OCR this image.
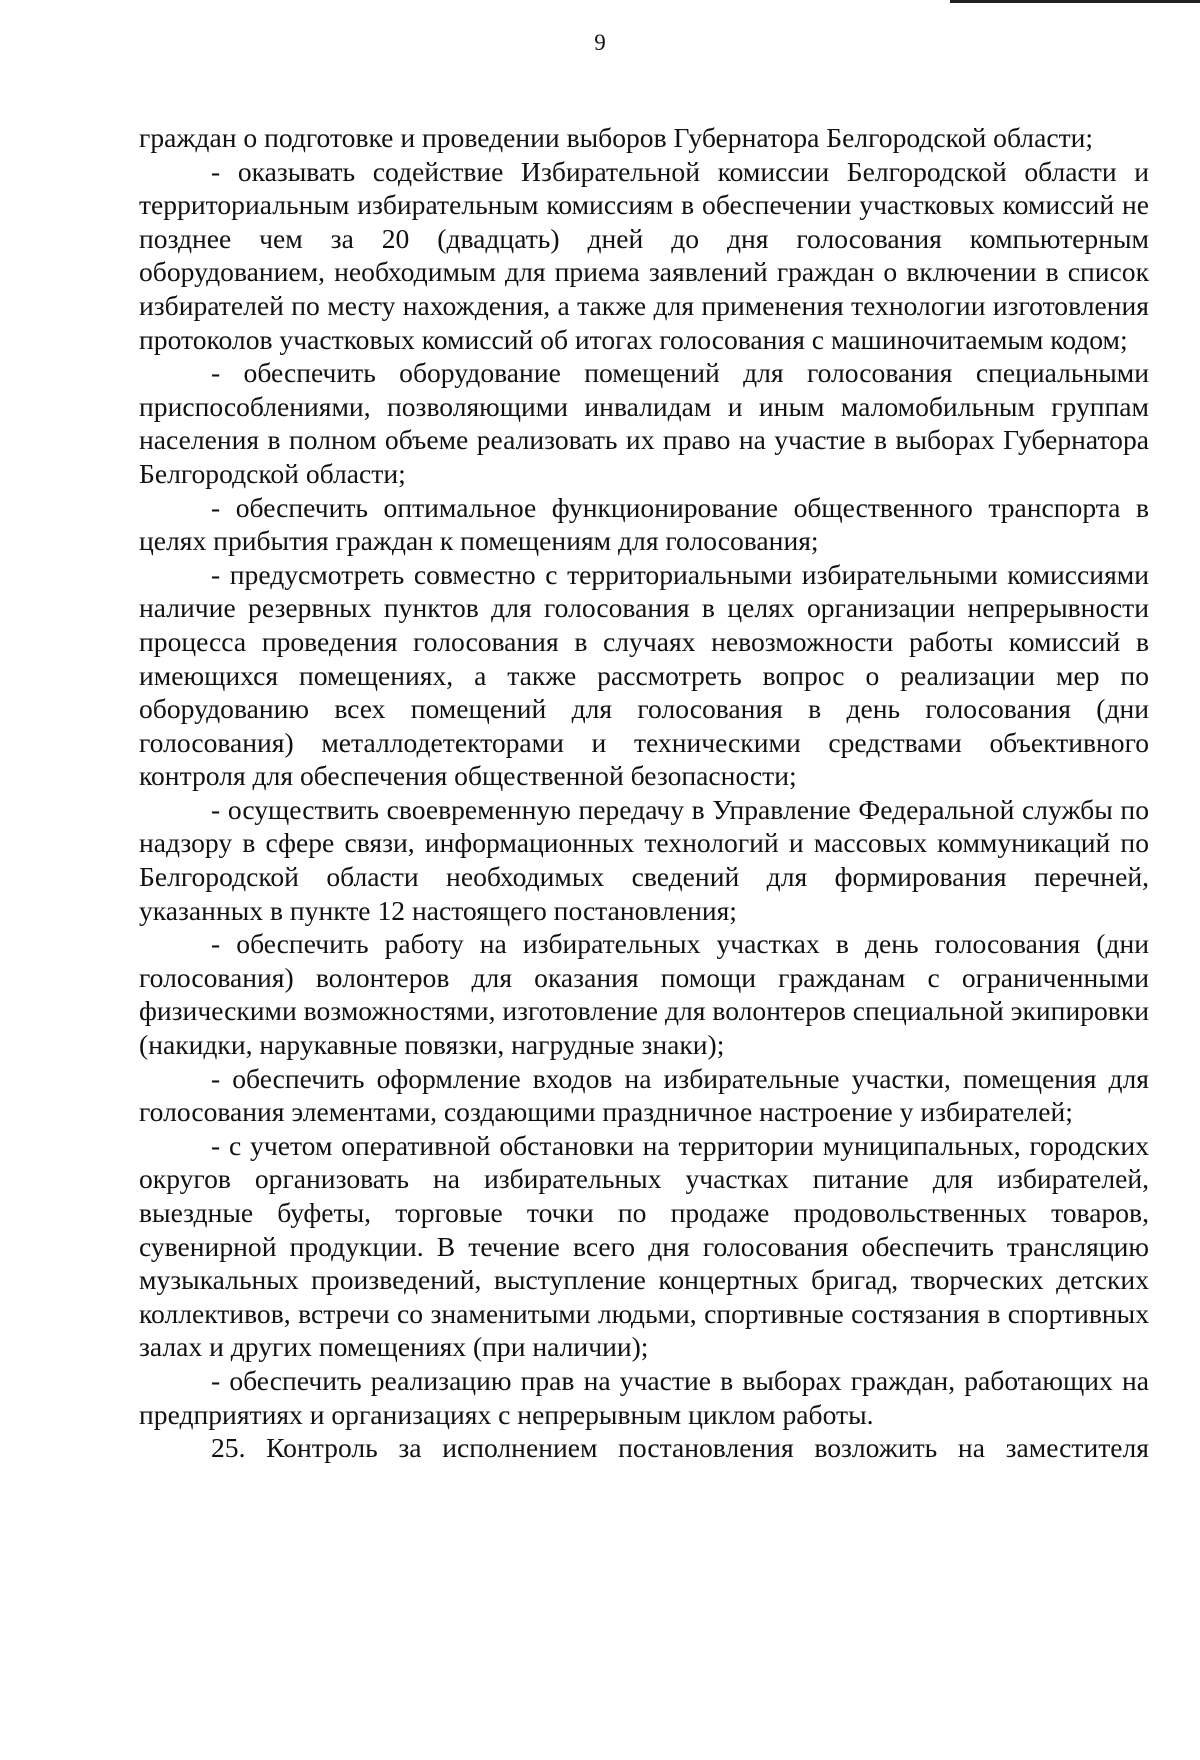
9

граждан о подготовке и проведении выборов Губернатора Белгородской области;

- оказывать содействие Избирательной комиссии Белгородской области и территориальным избирательным комиссиям в обеспечении участковых комиссий не позднее чем за 20 (двадцать) дней до дня голосования компьютерным оборудованием, необходимым для приема заявлений граждан о включении в список избирателей по месту нахождения, а также для применения технологии изготовления протоколов участковых комиссий об итогах голосования с машиночитаемым кодом;

- обеспечить оборудование помещений для голосования специальными приспособлениями, позволяющими инвалидам и иным маломобильным группам населения в полном объеме реализовать их право на участие в выборах Губернатора Белгородской области;

- обеспечить оптимальное функционирование общественного транспорта в целях прибытия граждан к помещениям для голосования;

- предусмотреть совместно с территориальными избирательными комиссиями наличие резервных пунктов для голосования в целях организации непрерывности процесса проведения голосования в случаях невозможности работы комиссий в имеющихся помещениях, а также рассмотреть вопрос о реализации мер по оборудованию всех помещений для голосования в день голосования (дни голосования) металлодетекторами и техническими средствами объективного контроля для обеспечения общественной безопасности;

- осуществить своевременную передачу в Управление Федеральной службы по надзору в сфере связи, информационных технологий и массовых коммуникаций по Белгородской области необходимых сведений для формирования перечней, указанных в пункте 12 настоящего постановления;

- обеспечить работу на избирательных участках в день голосования (дни голосования) волонтеров для оказания помощи гражданам с ограниченными физическими возможностями, изготовление для волонтеров специальной экипировки (накидки, нарукавные повязки, нагрудные знаки);

- обеспечить оформление входов на избирательные участки, помещения для голосования элементами, создающими праздничное настроение у избирателей;

- с учетом оперативной обстановки на территории муниципальных, городских округов организовать на избирательных участках питание для избирателей, выездные буфеты, торговые точки по продаже продовольственных товаров, сувенирной продукции. В течение всего дня голосования обеспечить трансляцию музыкальных произведений, выступление концертных бригад, творческих детских коллективов, встречи со знаменитыми людьми, спортивные состязания в спортивных залах и других помещениях (при наличии);

- обеспечить реализацию прав на участие в выборах граждан, работающих на предприятиях и организациях с непрерывным циклом работы.

25. Контроль за исполнением постановления возложить на заместителя
